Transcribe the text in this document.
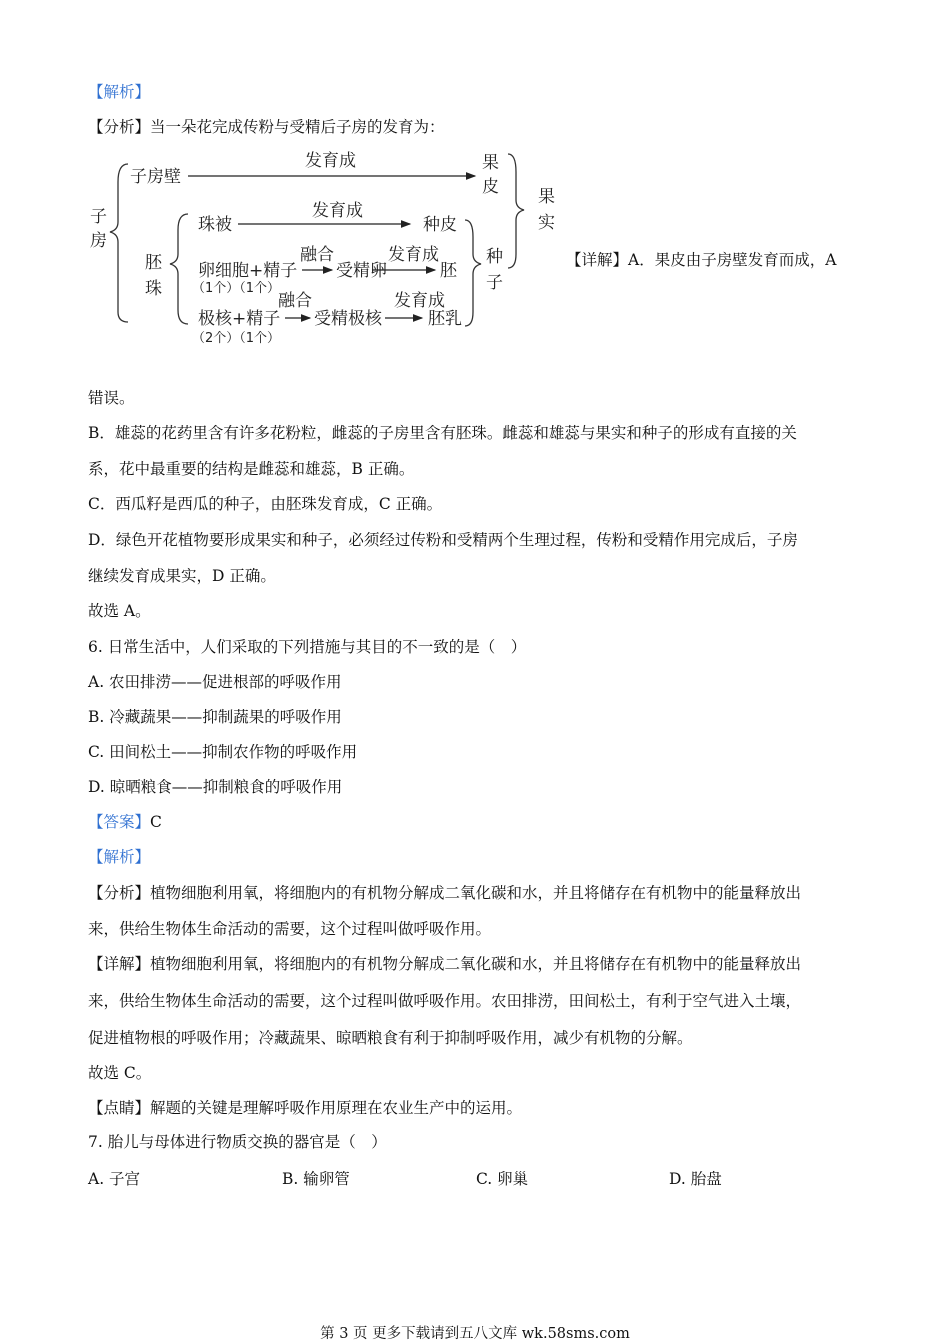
【解析】
【分析】当一朵花完成传粉与受精后子房的发育为：
子
房
子房壁
发育成	果
皮 果
实
胚
珠
珠被
发育成
种皮
种
子
卵细胞+精子
融合
受精卵
发育成
胚
极核+精子
融合
受精极核
发育成
胚乳
（1个）（1个）
（2个）（1个）
【详解】A．果皮由子房壁发育而成，A
错误。
B．雄蕊的花药里含有许多花粉粒，雌蕊的子房里含有胚珠。雌蕊和雄蕊与果实和种子的形成有直接的关
系，花中最重要的结构是雌蕊和雄蕊，B 正确。
C．西瓜籽是西瓜的种子，由胚珠发育成，C 正确。
D．绿色开花植物要形成果实和种子，必须经过传粉和受精两个生理过程，传粉和受精作用完成后，子房
继续发育成果实，D 正确。
故选 A。
6. 日常生活中，人们采取的下列措施与其目的不一致的是（　）
A. 农田排涝——促进根部的呼吸作用
B. 冷藏蔬果——抑制蔬果的呼吸作用
C. 田间松土——抑制农作物的呼吸作用
D. 晾晒粮食——抑制粮食的呼吸作用
【答案】C
【解析】
【分析】植物细胞利用氧，将细胞内的有机物分解成二氧化碳和水，并且将储存在有机物中的能量释放出
来，供给生物体生命活动的需要，这个过程叫做呼吸作用。
【详解】植物细胞利用氧，将细胞内的有机物分解成二氧化碳和水，并且将储存在有机物中的能量释放出
来，供给生物体生命活动的需要，这个过程叫做呼吸作用。农田排涝，田间松土，有利于空气进入土壤，
促进植物根的呼吸作用；冷藏蔬果、晾晒粮食有利于抑制呼吸作用，减少有机物的分解。
故选 C。
【点睛】解题的关键是理解呼吸作用原理在农业生产中的运用。
7. 胎儿与母体进行物质交换的器官是（　）
A. 子宫	B. 输卵管	C. 卵巢	D. 胎盘
第 3 页 更多下载请到五八文库 wk.58sms.com
